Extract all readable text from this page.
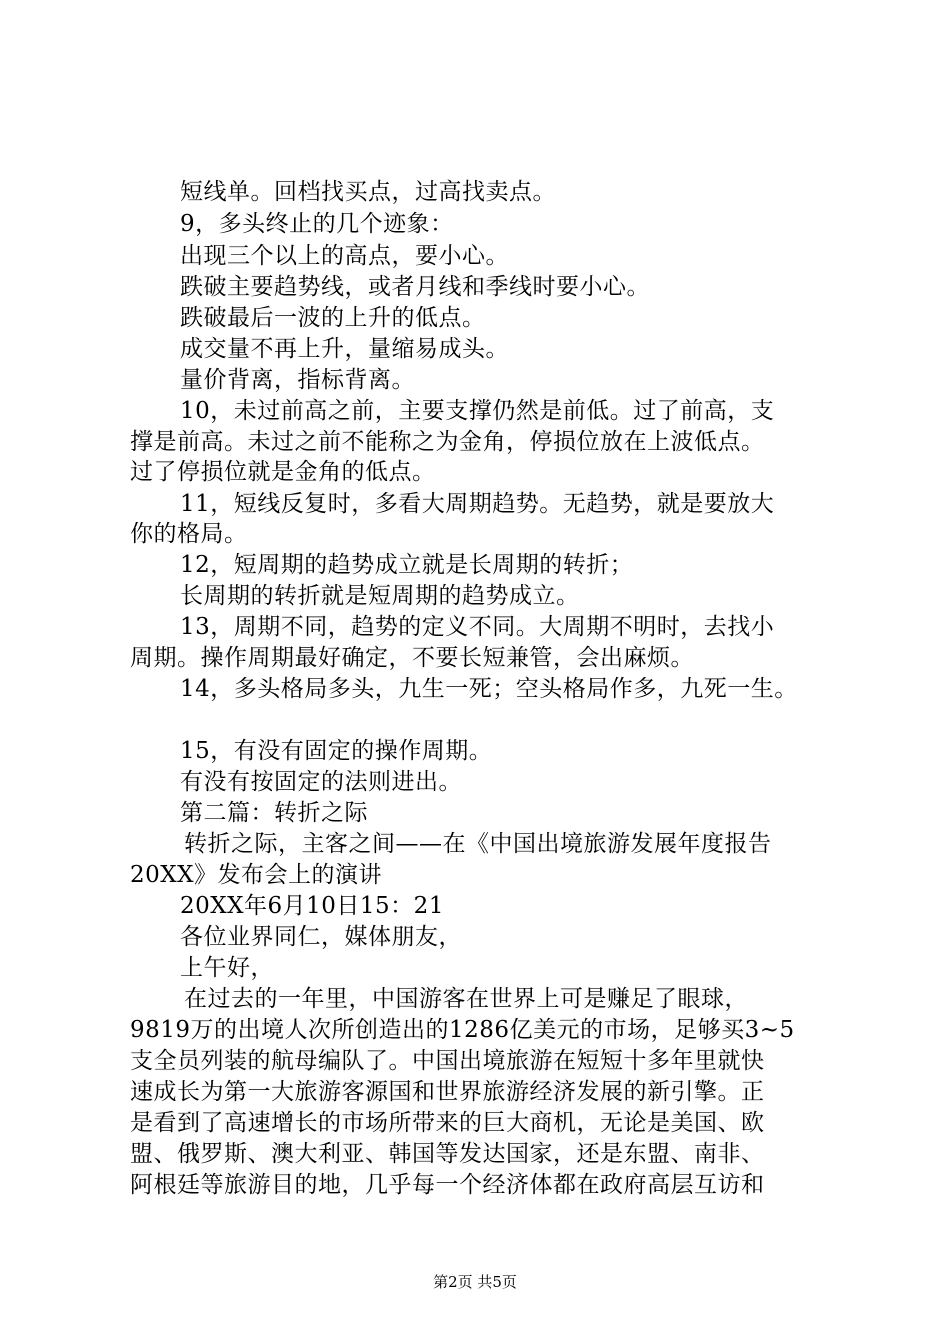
短线单。回档找买点，过高找卖点。
9，多头终止的几个迹象：
出现三个以上的高点，要小心。
跌破主要趋势线，或者月线和季线时要小心。
跌破最后一波的上升的低点。
成交量不再上升，量缩易成头。
量价背离，指标背离。
10，未过前高之前，主要支撑仍然是前低。过了前高，支
撑是前高。未过之前不能称之为金角，停损位放在上波低点。
过了停损位就是金角的低点。
11，短线反复时，多看大周期趋势。无趋势，就是要放大
你的格局。
12，短周期的趋势成立就是长周期的转折；
长周期的转折就是短周期的趋势成立。
13，周期不同，趋势的定义不同。大周期不明时，去找小
周期。操作周期最好确定，不要长短兼管，会出麻烦。
14，多头格局多头，九生一死；空头格局作多，九死一生。
15，有没有固定的操作周期。
有没有按固定的法则进出。
第二篇：转折之际
转折之际，主客之间——在《中国出境旅游发展年度报告
20XX》发布会上的演讲
20XX年6月10日15：21
各位业界同仁，媒体朋友，
上午好，
在过去的一年里，中国游客在世界上可是赚足了眼球，
9819万的出境人次所创造出的1286亿美元的市场，足够买3~5
支全员列装的航母编队了。中国出境旅游在短短十多年里就快
速成长为第一大旅游客源国和世界旅游经济发展的新引擎。正
是看到了高速增长的市场所带来的巨大商机，无论是美国、欧
盟、俄罗斯、澳大利亚、韩国等发达国家，还是东盟、南非、
阿根廷等旅游目的地，几乎每一个经济体都在政府高层互访和
第2页 共5页
